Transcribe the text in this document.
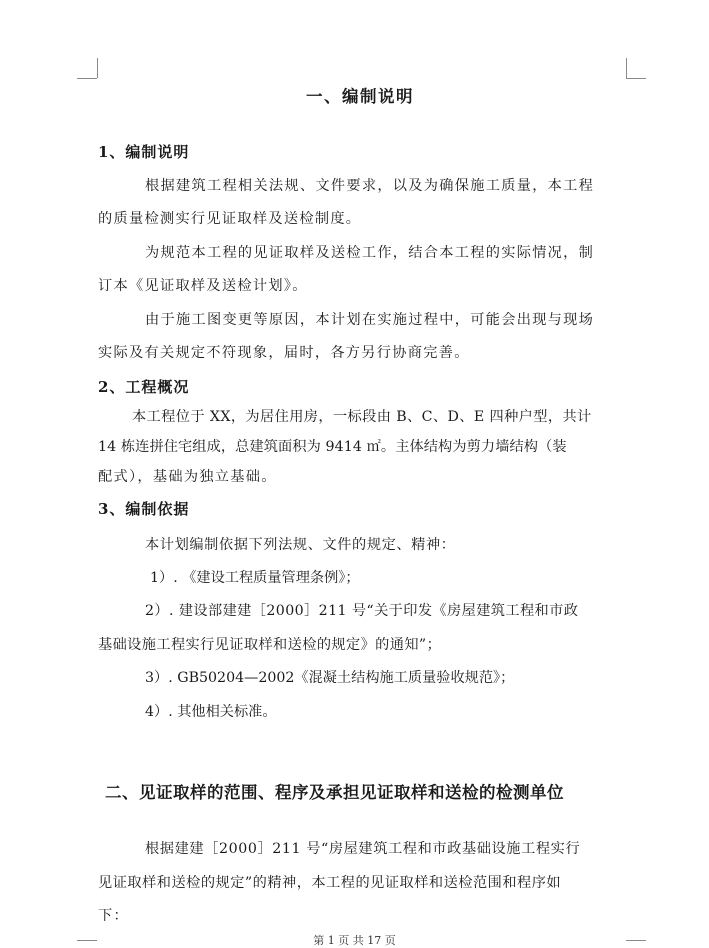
一、编制说明
1、编制说明
根据建筑工程相关法规、文件要求，以及为确保施工质量，本工程
的质量检测实行见证取样及送检制度。
为规范本工程的见证取样及送检工作，结合本工程的实际情况，制
订本《见证取样及送检计划》。
由于施工图变更等原因，本计划在实施过程中，可能会出现与现场
实际及有关规定不符现象，届时，各方另行协商完善。
2、工程概况
本工程位于 XX，为居住用房，一标段由 B、C、D、E 四种户型，共计
14 栋连拼住宅组成，总建筑面积为 9414 ㎡。主体结构为剪力墙结构（装
配式），基础为独立基础。
3、编制依据
本计划编制依据下列法规、文件的规定、精神：
1）. 《建设工程质量管理条例》；
2）. 建设部建建［2000］211 号“关于印发《房屋建筑工程和市政
基础设施工程实行见证取样和送检的规定》的通知”；
3）. GB50204—2002《混凝土结构施工质量验收规范》；
4）. 其他相关标准。
二、见证取样的范围、程序及承担见证取样和送检的检测单位
根据建建［2000］211 号“房屋建筑工程和市政基础设施工程实行
见证取样和送检的规定”的精神，本工程的见证取样和送检范围和程序如
下：
第 1 页 共 17 页
